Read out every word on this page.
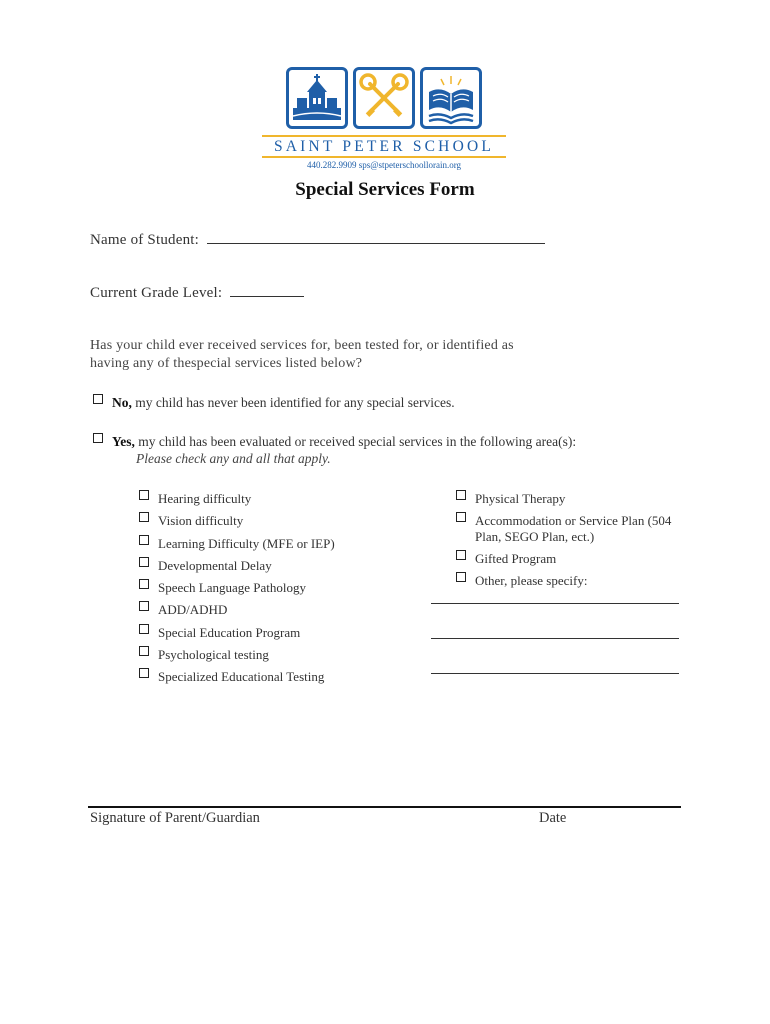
SAINT PETER SCHOOL
440.282.9909 sps@stpeterschoollorain.org
Special Services Form
Name of Student:
Current Grade Level:
Has your child ever received services for, been tested for, or identified as
having any of thespecial services listed below?
No, my child has never been identified for any special services.
Yes, my child has been evaluated or received special services in the following area(s):
Please check any and all that apply.
Hearing difficulty
Vision difficulty
Learning Difficulty (MFE or IEP)
Developmental Delay
Speech Language Pathology
ADD/ADHD
Special Education Program
Psychological testing
Specialized Educational Testing
Physical Therapy
Accommodation or Service Plan (504
Plan, SEGO Plan, ect.)
Gifted Program
Other, please specify:
Signature of Parent/Guardian	Date
